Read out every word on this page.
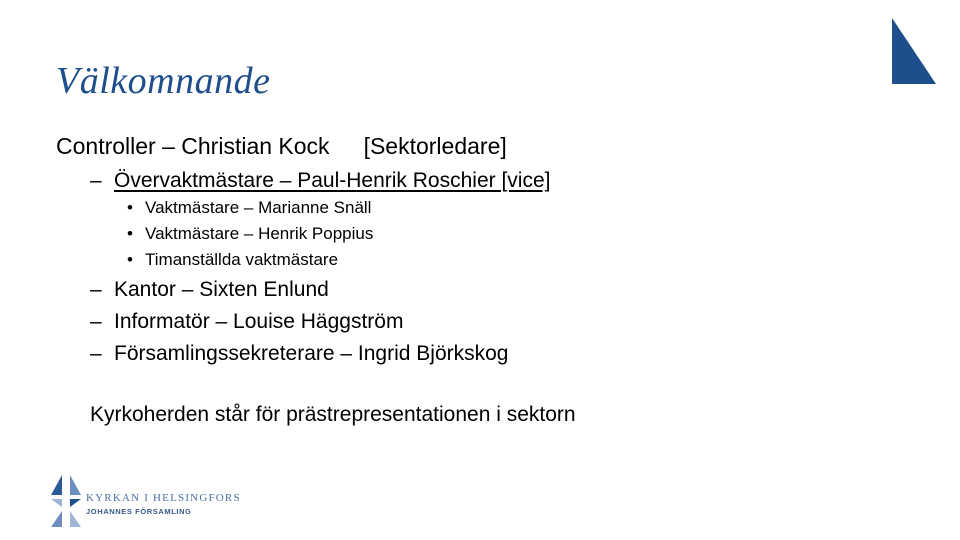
Välkomnande
Controller – Christian Kock [Sektorledare]
– Övervaktmästare – Paul-Henrik Roschier [vice]
• Vaktmästare – Marianne Snäll
• Vaktmästare – Henrik Poppius
• Timanställda vaktmästare
– Kantor – Sixten Enlund
– Informatör – Louise Häggström
– Församlingssekreterare – Ingrid Björkskog
Kyrkoherden står för prästrepresentationen i sektorn
KYRKAN I HELSINGFORS
JOHANNES FÖRSAMLING
